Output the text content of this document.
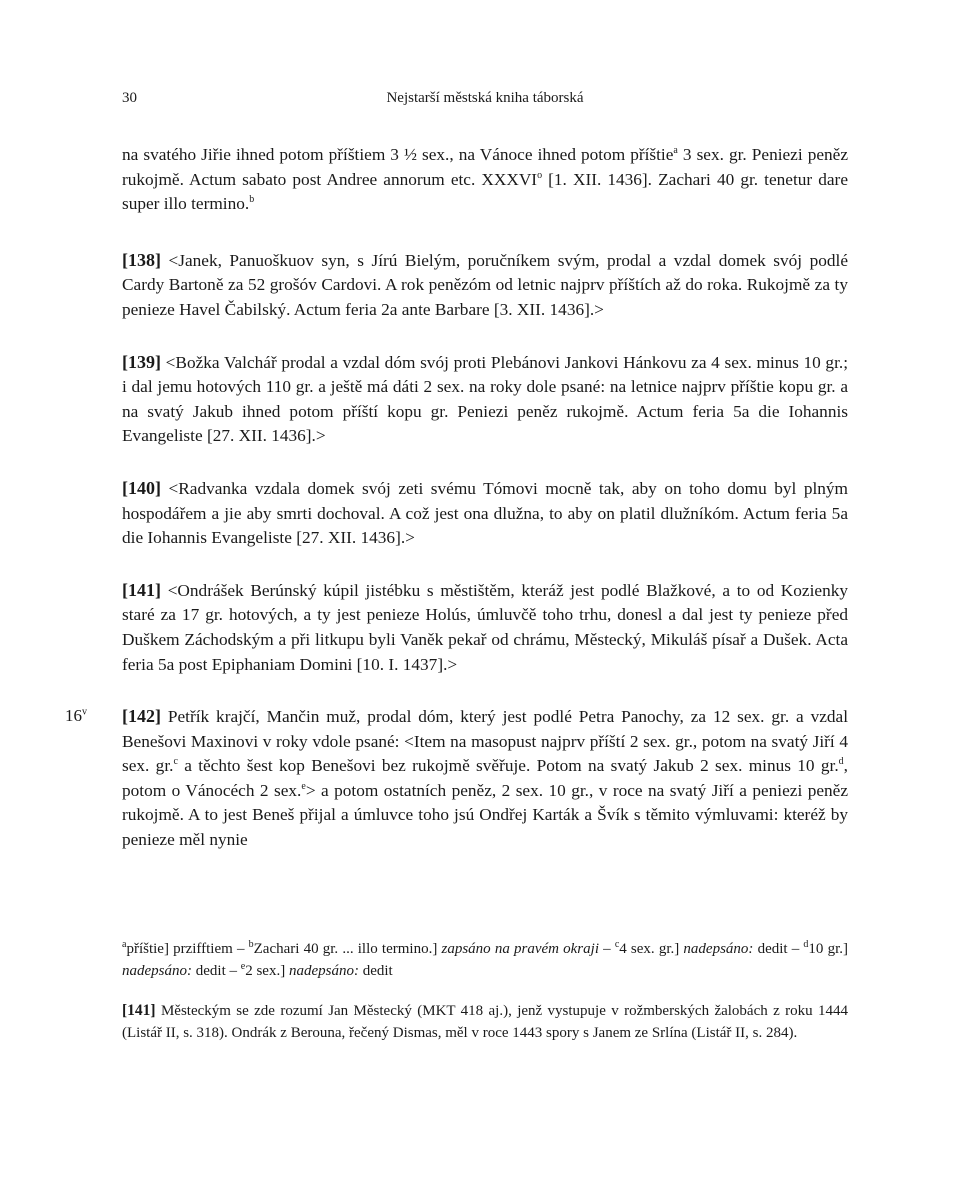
30	Nejstarší městská kniha táborská

na svatého Jiřie ihned potom příštiem 3 ½ sex., na Vánoce ihned potom příštie$^a$ 3 sex. gr. Peniezi peněz rukojmě. Actum sabato post Andree annorum etc. XXXVI$^o$ [1. XII. 1436]. Zachari 40 gr. tenetur dare super illo termino.$^b$

[138] <Janek, Panuoškuov syn, s Jírú Bielým, poručníkem svým, prodal a vzdal domek svój podlé Cardy Bartoně za 52 grošóv Cardovi. A rok penězóm od letnic najprv příštích až do roka. Rukojmě za ty penieze Havel Čabilský. Actum feria 2a ante Barbare [3. XII. 1436].>

[139] <Božka Valchář prodal a vzdal dóm svój proti Plebánovi Jankovi Hánkovu za 4 sex. minus 10 gr.; i dal jemu hotových 110 gr. a ještě má dáti 2 sex. na roky dole psané: na letnice najprv příštie kopu gr. a na svatý Jakub ihned potom příští kopu gr. Peniezi peněz rukojmě. Actum feria 5a die Iohannis Evangeliste [27. XII. 1436].>

[140] <Radvanka vzdala domek svój zeti svému Tómovi mocně tak, aby on toho domu byl plným hospodářem a jie aby smrti dochoval. A což jest ona dlužna, to aby on platil dlužníkóm. Actum feria 5a die Iohannis Evangeliste [27. XII. 1436].>

[141] <Ondrášek Berúnský kúpil jistébku s městištěm, kteráž jest podlé Blažkové, a to od Kozienky staré za 17 gr. hotových, a ty jest penieze Holús, úmluvčě toho trhu, donesl a dal jest ty penieze před Duškem Záchodským a při litkupu byli Vaněk pekař od chrámu, Městecký, Mikuláš písař a Dušek. Acta feria 5a post Epiphaniam Domini [10. I. 1437].>

16$^v$ [142] Petřík krajčí, Mančin muž, prodal dóm, který jest podlé Petra Panochy, za 12 sex. gr. a vzdal Benešovi Maxinovi v roky vdole psané: <Item na masopust najprv příští 2 sex. gr., potom na svatý Jiří 4 sex. gr.$^c$ a těchto šest kop Benešovi bez rukojmě svěřuje. Potom na svatý Jakub 2 sex. minus 10 gr.$^d$, potom o Vánocéch 2 sex.$^e$> a potom ostatních peněz, 2 sex. 10 gr., v roce na svatý Jiří a peniezi peněz rukojmě. A to jest Beneš přijal a úmluvce toho jsú Ondřej Karták a Švík s těmito výmluvami: kteréž by penieze měl nynie

$^a$příštie] przifftiem – $^b$Zachari 40 gr. ... illo termino.] zapsáno na pravém okraji – $^c$4 sex. gr.] nadepsáno: dedit – $^d$10 gr.] nadepsáno: dedit – $^e$2 sex.] nadepsáno: dedit

[141] Městeckým se zde rozumí Jan Městecký (MKT 418 aj.), jenž vystupuje v rožmberských žalobách z roku 1444 (Listář II, s. 318). Ondrák z Berouna, řečený Dismas, měl v roce 1443 spory s Janem ze Srlína (Listář II, s. 284).
